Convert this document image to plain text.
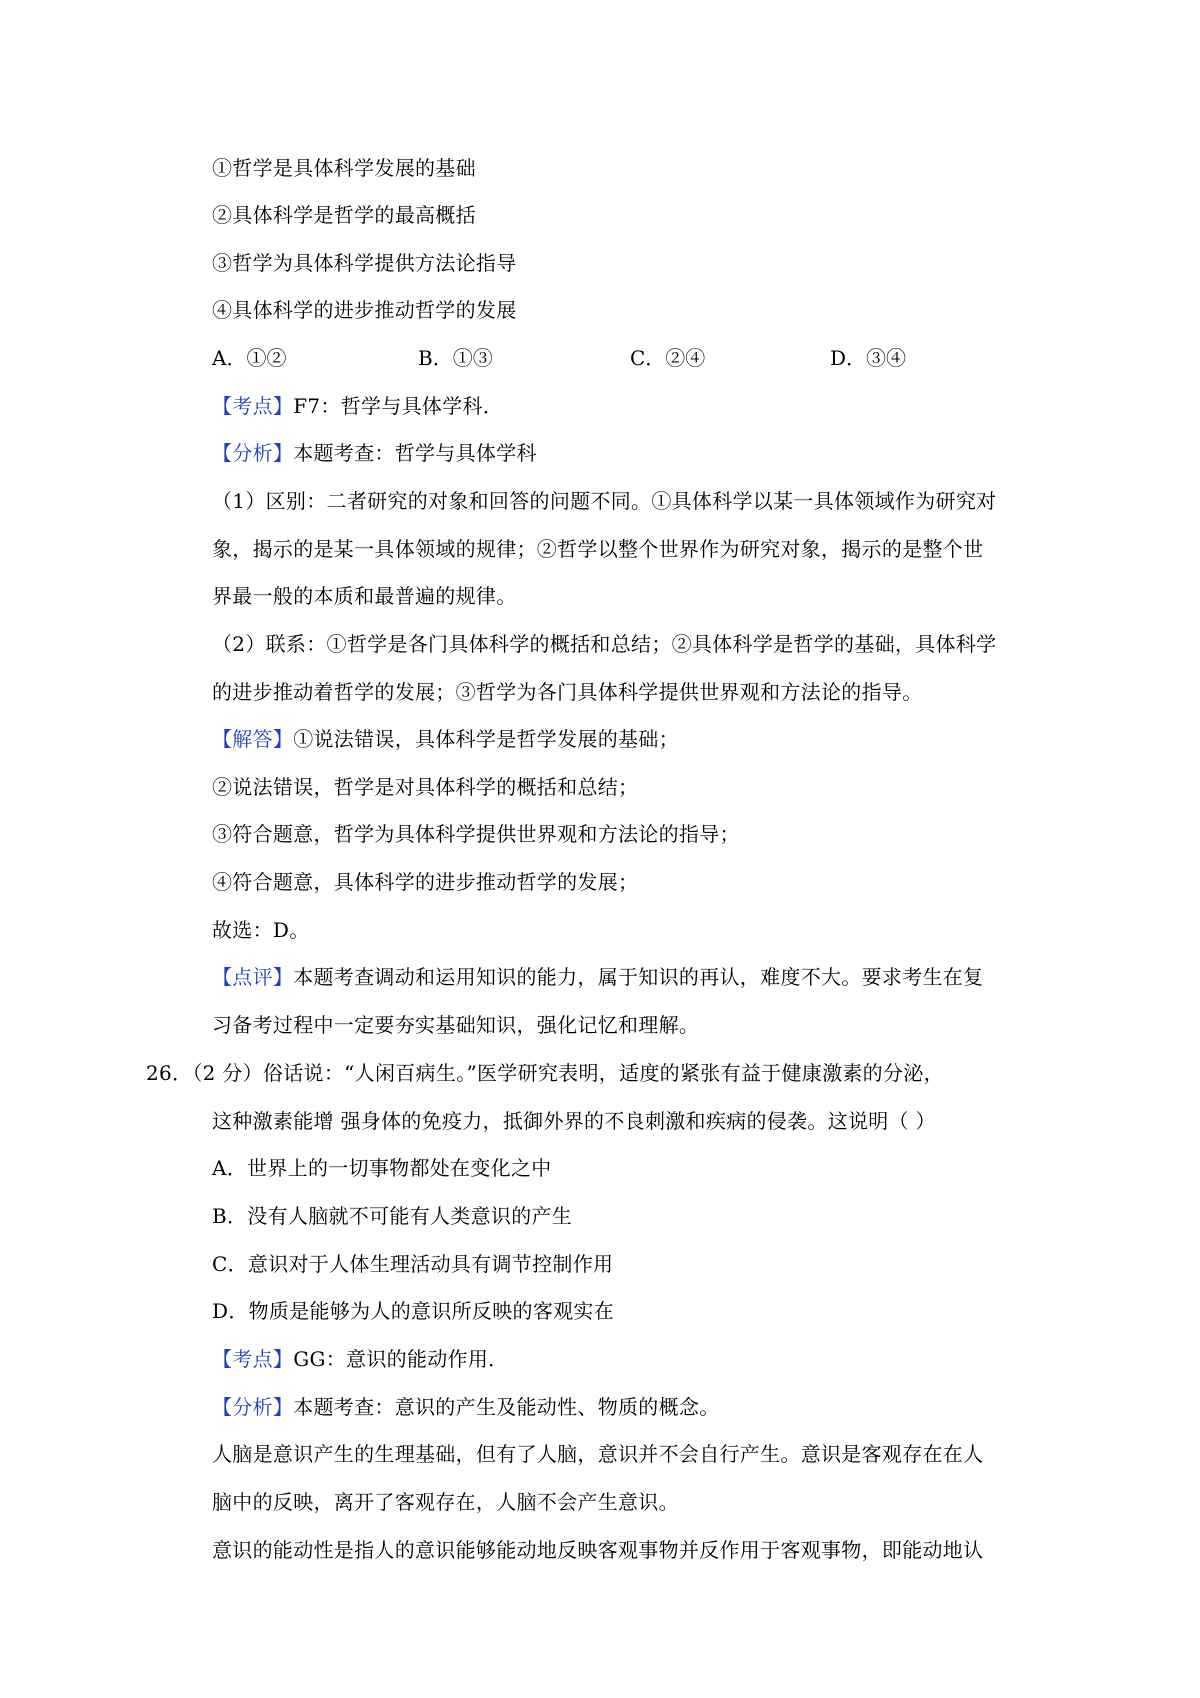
①哲学是具体科学发展的基础
②具体科学是哲学的最高概括
③哲学为具体科学提供方法论指导
④具体科学的进步推动哲学的发展
A．①②	B．①③	C．②④	D．③④
【考点】F7：哲学与具体学科．
【分析】本题考查：哲学与具体学科
（1）区别：二者研究的对象和回答的问题不同。①具体科学以某一具体领域作为研究对
象，揭示的是某一具体领域的规律；②哲学以整个世界作为研究对象，揭示的是整个世
界最一般的本质和最普遍的规律。
（2）联系：①哲学是各门具体科学的概括和总结；②具体科学是哲学的基础，具体科学
的进步推动着哲学的发展；③哲学为各门具体科学提供世界观和方法论的指导。
【解答】①说法错误，具体科学是哲学发展的基础；
②说法错误，哲学是对具体科学的概括和总结；
③符合题意，哲学为具体科学提供世界观和方法论的指导；
④符合题意，具体科学的进步推动哲学的发展；
故选：D。
【点评】本题考查调动和运用知识的能力，属于知识的再认，难度不大。要求考生在复
习备考过程中一定要夯实基础知识，强化记忆和理解。
26．（2 分）俗话说：“人闲百病生。”医学研究表明，适度的紧张有益于健康激素的分泌，
这种激素能增 强身体的免疫力，抵御外界的不良刺激和疾病的侵袭。这说明（ ）
A．世界上的一切事物都处在变化之中
B．没有人脑就不可能有人类意识的产生
C．意识对于人体生理活动具有调节控制作用
D．物质是能够为人的意识所反映的客观实在
【考点】GG：意识的能动作用．
【分析】本题考查：意识的产生及能动性、物质的概念。
人脑是意识产生的生理基础，但有了人脑，意识并不会自行产生。意识是客观存在在人
脑中的反映，离开了客观存在，人脑不会产生意识。
意识的能动性是指人的意识能够能动地反映客观事物并反作用于客观事物，即能动地认
